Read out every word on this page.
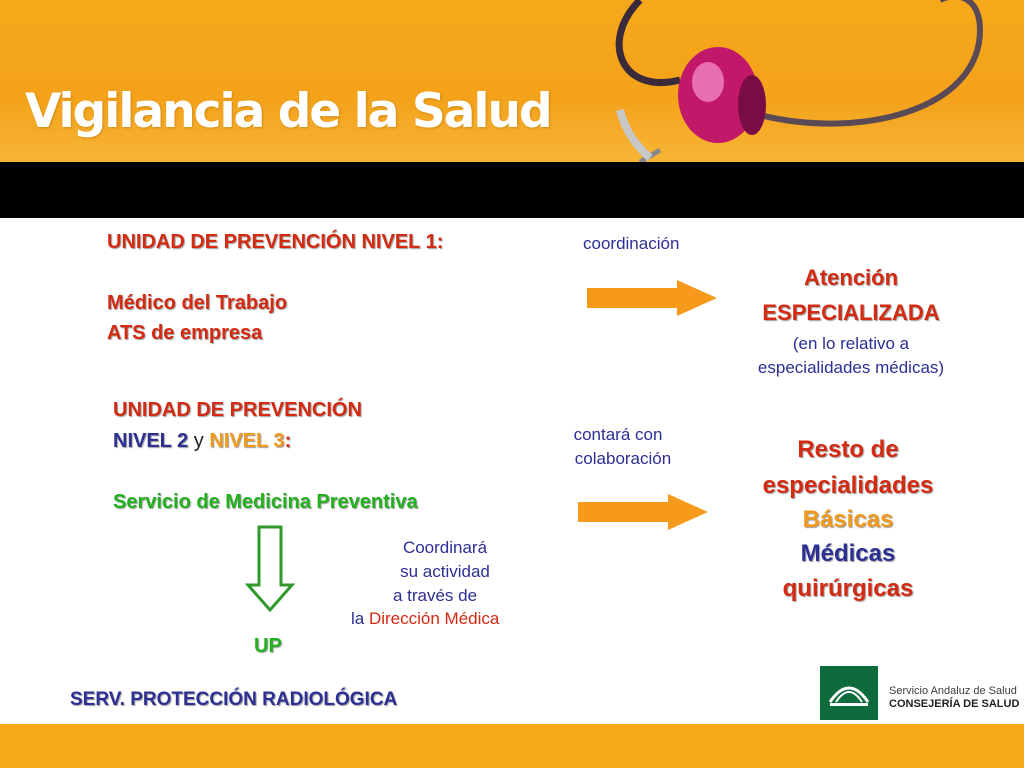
Vigilancia de la Salud
UNIDAD DE PREVENCIÓN NIVEL 1:
Médico del Trabajo
ATS de empresa
coordinación
Atención
ESPECIALIZADA
(en lo relativo a
especialidades médicas)
UNIDAD DE PREVENCIÓN
NIVEL 2 y NIVEL 3:
Servicio de Medicina Preventiva
contará con
colaboración	Resto de
especialidades
Básicas
Médicas
quirúrgicas
UP
Coordinará
su actividad
a través de
la Dirección Médica
SERV. PROTECCIÓN RADIOLÓGICA	Servicio Andaluz de Salud
CONSEJERÍA DE SALUD
